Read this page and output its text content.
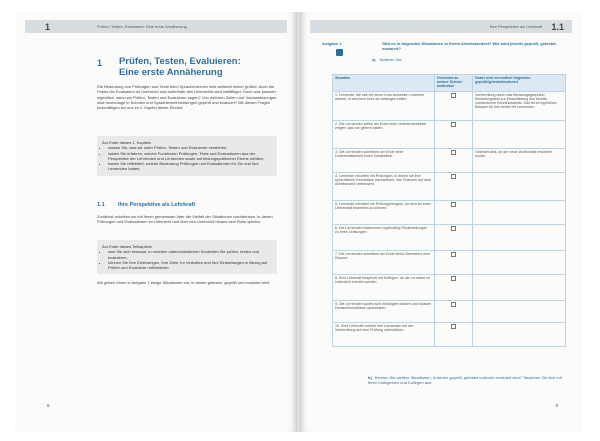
1	Prüfen, Testen, Evaluieren: Eine erste Annäherung
1 Prüfen, Testen, Evaluieren:
Eine erste Annäherung
Die Bedeutung von Prüfungen und Tests beim Sprachenlernen wird weltweit immer größer. Auch die Praxis der Evaluation im Unterricht und außerhalb des Unterrichts wird vielfältiger. Doch was passiert eigentlich, wenn wir Prüfen, Testen und Evaluieren sagen? Von welchen Zielen und Voraussetzungen wird heutzutage in Schulen und Sprachlerneinrichtungen geprüft und evaluiert? Mit diesen Fragen beschäftigen wir uns im 1. Kapitel dieser Einheit.
Am Ende dieses 1. Kapitels
• wissen Sie, was wir unter Prüfen, Testen und Evaluieren verstehen,
• haben Sie erfahren, welche Funktionen Prüfungen, Tests und Evaluationen aus der Perspektive der Lehrenden und Lernenden sowie auf bildungspolitischer Ebene erfüllen,
• haben Sie reflektiert, welche Bedeutung Prüfungen und Evaluationen für Sie und Ihre Lernenden haben.
1.1 Ihre Perspektive als Lehrkraft
Zunächst möchten wir mit Ihnen gemeinsam über die Vielfalt der Situationen nachdenken, in denen Prüfungen und Evaluationen im Unterricht und über den Unterricht hinaus eine Rolle spielen.
Am Ende dieses Teilkapitels
• sind Sie sich bewusst, in welchen unterschiedlichen Kontexten Sie prüfen, testen und evaluieren,
• können Sie Ihre Erfahrungen, Ihre Ziele, Ihr Verhalten und Ihre Einstellungen in Bezug auf Prüfen und Evaluieren reflektieren.
Wir geben Ihnen in Aufgabe 1 einige Situationen vor, in denen getestet, geprüft und evaluiert wird.
8
Ihre Perspektive als Lehrkraft 1.1
Aufgabe 1	Gibt es in folgenden Situationen in Ihrem Arbeitskontext? Wie wird jeweils geprüft, getestet, evaluiert?
a) Notieren Sie.
Situation	Gesichtet an meiner Schule/ Institution	Dabei wird vermutlich folgendes geprüft/getestet/evaluiert
1. Lernende, die sich für einen Kurs anmelden, möchten wissen, in welchem Kurs sie anfangen sollen.		Vorbereitung durch das Beratungsgespräch; Einstufungstest zur Einschätzung des bereits vorhandenen Kenntnisstands. Das ist ein typisches Beispiel für Ihre Arbeit mit Lernenden.
2. Die Lernenden sollen am Ende einer Unterrichtseinheit zeigen, was sie gelernt haben.		
3. Die Lernenden schreiben am Ende einer Unterrichtseinheit einen Vokabeltest.		Getestet wird, ob der neue Wortschatz erworben wurde.
4. Lernende möchten mit Prüfungen, in denen sie ihre sprachlichen Kenntnisse nachweisen, ihre Chancen auf dem Arbeitsmarkt verbessern.		
5. Lernende möchten ein Prüfungszeugnis, um sich an einer Universität bewerben zu können.		
6. Die Lernenden bekommen regelmäßig Rückmeldungen zu ihren Leistungen.		
7. Die Lernenden schreiben am Ende eines Semesters eine Klausur.		
8. Eine Lehrkraft bespricht mit Kollegen, ob die Lernziele im Unterricht erreicht wurden.		
9. Die Lernenden wollen sich einbürgern lassen und müssen Deutschkenntnisse nachweisen.		
10. Eine Lehrkraft möchte ihre Lernenden bei der Vorbereitung auf eine Prüfung unterstützen.		
b) Kennen Sie weitere Situationen, in denen geprüft, getestet und/oder evaluiert wird? Tauschen Sie sich mit Ihren Kolleginnen und Kollegen aus.
9
